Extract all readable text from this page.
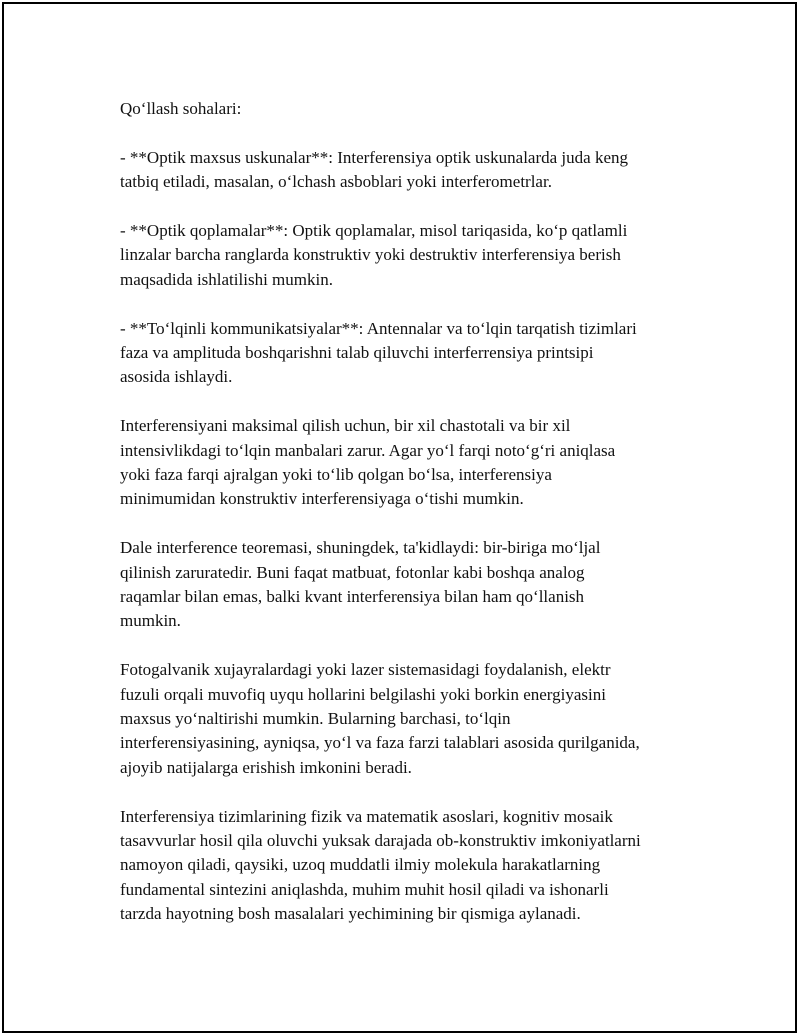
Qo‘llash sohalari:

- **Optik maxsus uskunalar**: Interferensiya optik uskunalarda juda keng
tatbiq etiladi, masalan, o‘lchash asboblari yoki interferometrlar.

- **Optik qoplamalar**: Optik qoplamalar, misol tariqasida, ko‘p qatlamli
linzalar barcha ranglarda konstruktiv yoki destruktiv interferensiya berish
maqsadida ishlatilishi mumkin.

- **To‘lqinli kommunikatsiyalar**: Antennalar va to‘lqin tarqatish tizimlari
faza va amplituda boshqarishni talab qiluvchi interferrensiya printsipi
asosida ishlaydi.

Interferensiyani maksimal qilish uchun, bir xil chastotali va bir xil
intensivlikdagi to‘lqin manbalari zarur. Agar yo‘l farqi noto‘g‘ri aniqlasa
yoki faza farqi ajralgan yoki to‘lib qolgan bo‘lsa, interferensiya
minimumidan konstruktiv interferensiyaga o‘tishi mumkin.

Dale interference teoremasi, shuningdek, ta'kidlaydi: bir-biriga mo‘ljal
qilinish zaruratedir. Buni faqat matbuat, fotonlar kabi boshqa analog
raqamlar bilan emas, balki kvant interferensiya bilan ham qo‘llanish
mumkin.

Fotogalvanik xujayralardagi yoki lazer sistemasidagi foydalanish, elektr
fuzuli orqali muvofiq uyqu hollarini belgilashi yoki borkin energiyasini
maxsus yo‘naltirishi mumkin. Bularning barchasi, to‘lqin
interferensiyasining, ayniqsa, yo‘l va faza farzi talablari asosida qurilganida,
ajoyib natijalarga erishish imkonini beradi.

Interferensiya tizimlarining fizik va matematik asoslari, kognitiv mosaik
tasavvurlar hosil qila oluvchi yuksak darajada ob-konstruktiv imkoniyatlarni
namoyon qiladi, qaysiki, uzoq muddatli ilmiy molekula harakatlarning
fundamental sintezini aniqlashda, muhim muhit hosil qiladi va ishonarli
tarzda hayotning bosh masalalari yechimining bir qismiga aylanadi.
